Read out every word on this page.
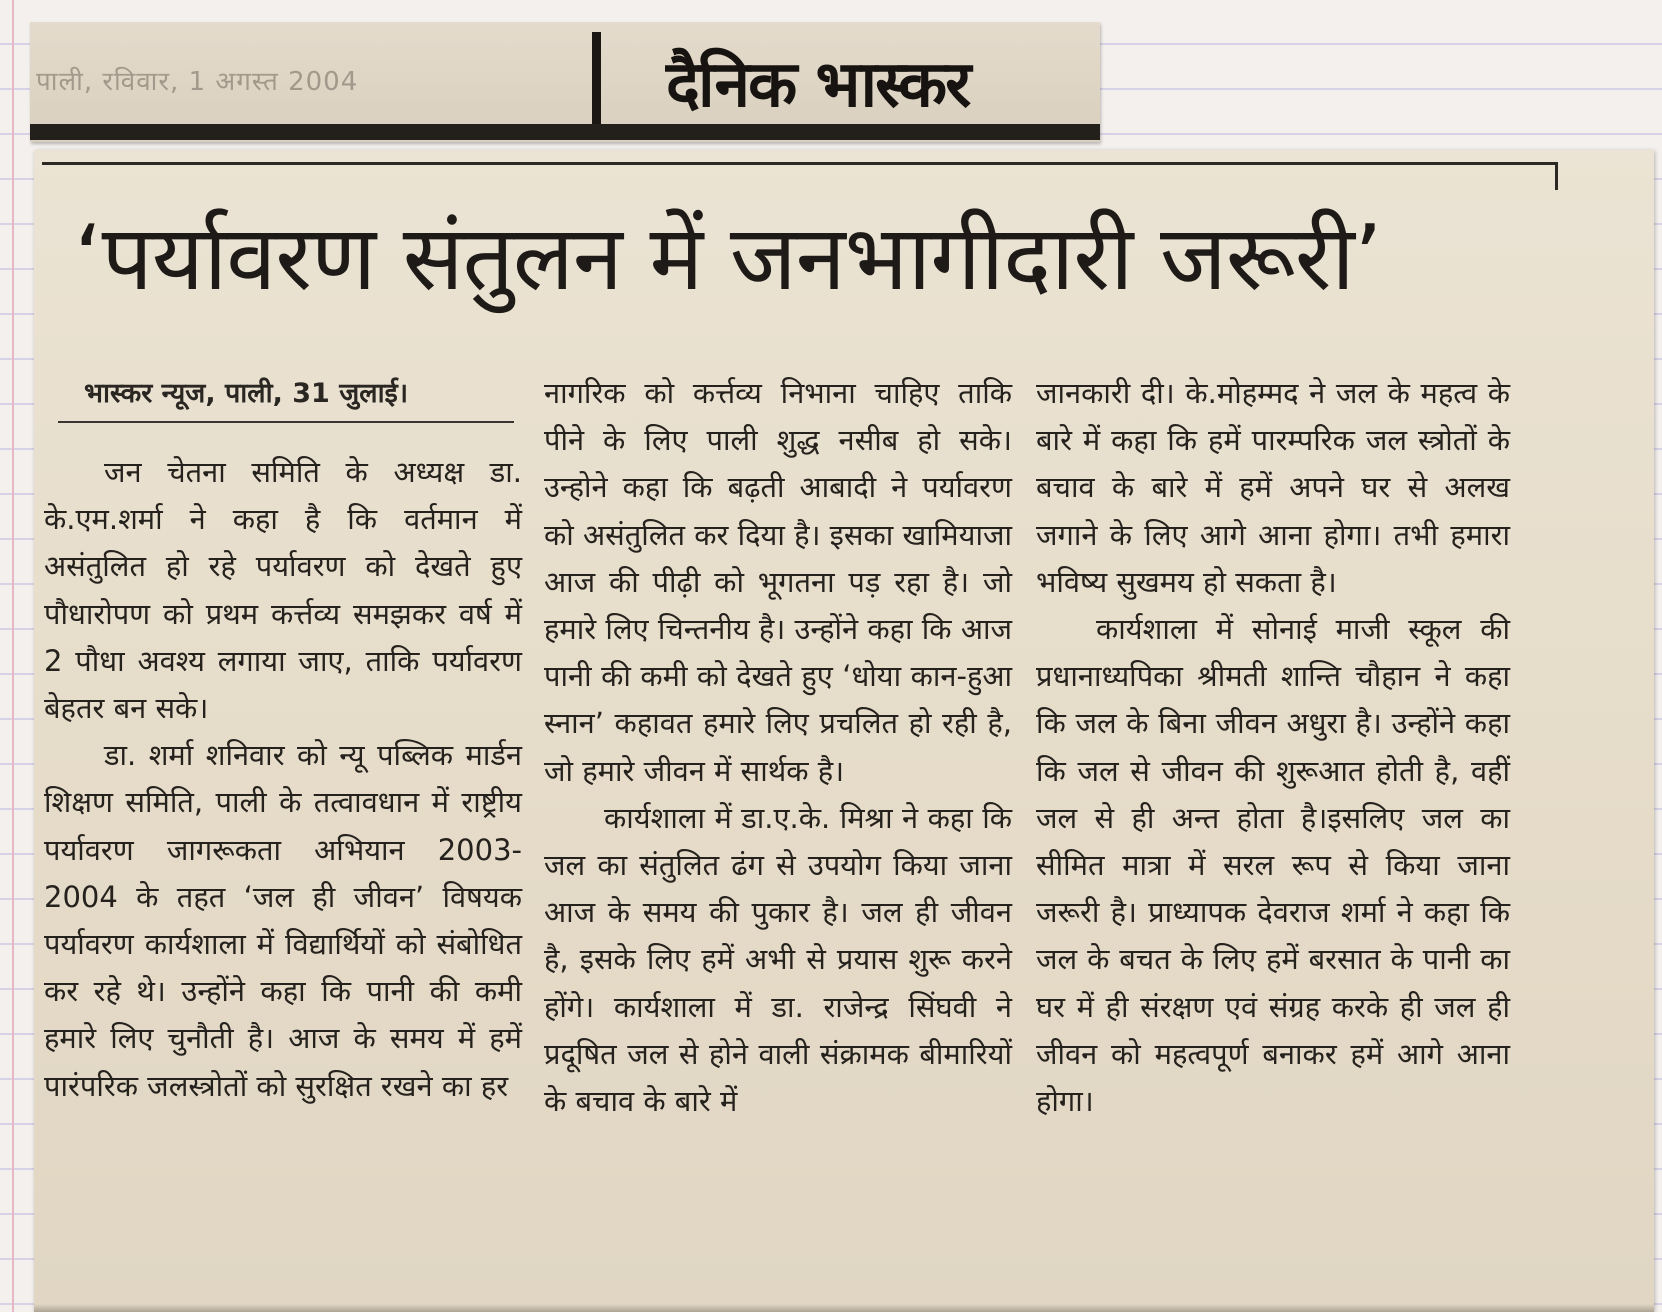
पाली, रविवार, 1 अगस्त 2004	दैनिक भास्कर
‘पर्यावरण संतुलन में जनभागीदारी जरूरी’
भास्कर न्यूज, पाली, 31 जुलाई।

जन चेतना समिति के अध्यक्ष डा. के.एम.शर्मा ने कहा है कि वर्तमान में असंतुलित हो रहे पर्यावरण को देखते हुए पौधारोपण को प्रथम कर्त्तव्य समझकर वर्ष में 2 पौधा अवश्य लगाया जाए, ताकि पर्यावरण बेहतर बन सके।

डा. शर्मा शनिवार को न्यू पब्लिक मार्डन शिक्षण समिति, पाली के तत्वावधान में राष्ट्रीय पर्यावरण जागरूकता अभियान 2003-2004 के तहत ‘जल ही जीवन’ विषयक पर्यावरण कार्यशाला में विद्यार्थियों को संबोधित कर रहे थे। उन्होंने कहा कि पानी की कमी हमारे लिए चुनौती है। आज के समय में हमें पारंपरिक जलस्त्रोतों को सुरक्षित रखने का हर

नागरिक को कर्त्तव्य निभाना चाहिए ताकि पीने के लिए पाली शुद्ध नसीब हो सके। उन्होने कहा कि बढ़ती आबादी ने पर्यावरण को असंतुलित कर दिया है। इसका खामियाजा आज की पीढ़ी को भूगतना पड़ रहा है। जो हमारे लिए चिन्तनीय है। उन्होंने कहा कि आज पानी की कमी को देखते हुए ‘धोया कान-हुआ स्नान’ कहावत हमारे लिए प्रचलित हो रही है, जो हमारे जीवन में सार्थक है।

कार्यशाला में डा.ए.के. मिश्रा ने कहा कि जल का संतुलित ढंग से उपयोग किया जाना आज के समय की पुकार है। जल ही जीवन है, इसके लिए हमें अभी से प्रयास शुरू करने होंगे। कार्यशाला में डा. राजेन्द्र सिंघवी ने प्रदूषित जल से होने वाली संक्रामक बीमारियों के बचाव के बारे में

जानकारी दी। के.मोहम्मद ने जल के महत्व के बारे में कहा कि हमें पारम्परिक जल स्त्रोतों के बचाव के बारे में हमें अपने घर से अलख जगाने के लिए आगे आना होगा। तभी हमारा भविष्य सुखमय हो सकता है।

कार्यशाला में सोनाई माजी स्कूल की प्रधानाध्यपिका श्रीमती शान्ति चौहान ने कहा कि जल के बिना जीवन अधुरा है। उन्होंने कहा कि जल से जीवन की शुरूआत होती है, वहीं जल से ही अन्त होता है।इसलिए जल का सीमित मात्रा में सरल रूप से किया जाना जरूरी है। प्राध्यापक देवराज शर्मा ने कहा कि जल के बचत के लिए हमें बरसात के पानी का घर में ही संरक्षण एवं संग्रह करके ही जल ही जीवन को महत्वपूर्ण बनाकर हमें आगे आना होगा।
